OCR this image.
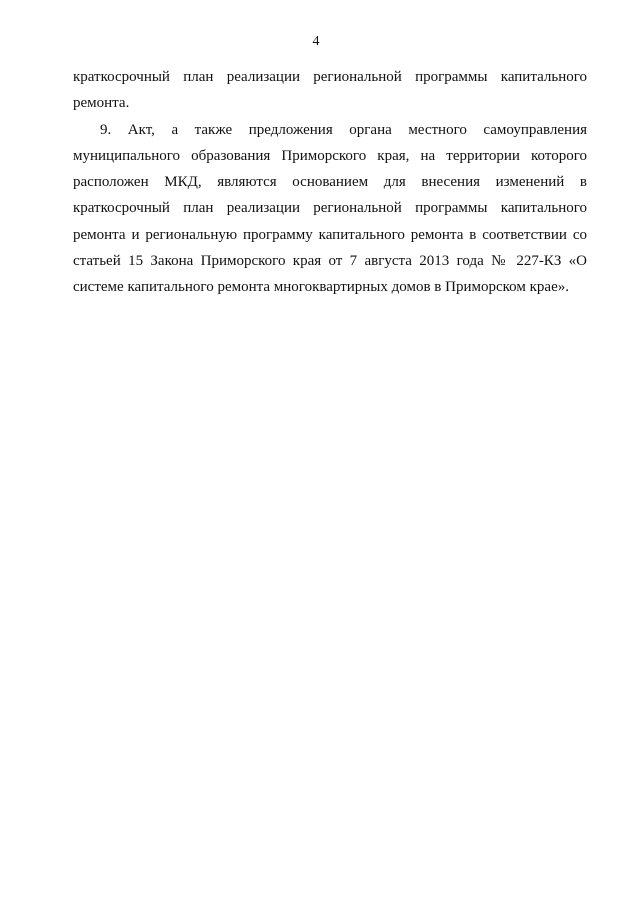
4

краткосрочный план реализации региональной программы капитального ремонта.

9. Акт, а также предложения органа местного самоуправления муниципального образования Приморского края, на территории которого расположен МКД, являются основанием для внесения изменений в краткосрочный план реализации региональной программы капитального ремонта и региональную программу капитального ремонта в соответствии со статьей 15 Закона Приморского края от 7 августа 2013 года № 227-КЗ «О системе капитального ремонта многоквартирных домов в Приморском крае».
